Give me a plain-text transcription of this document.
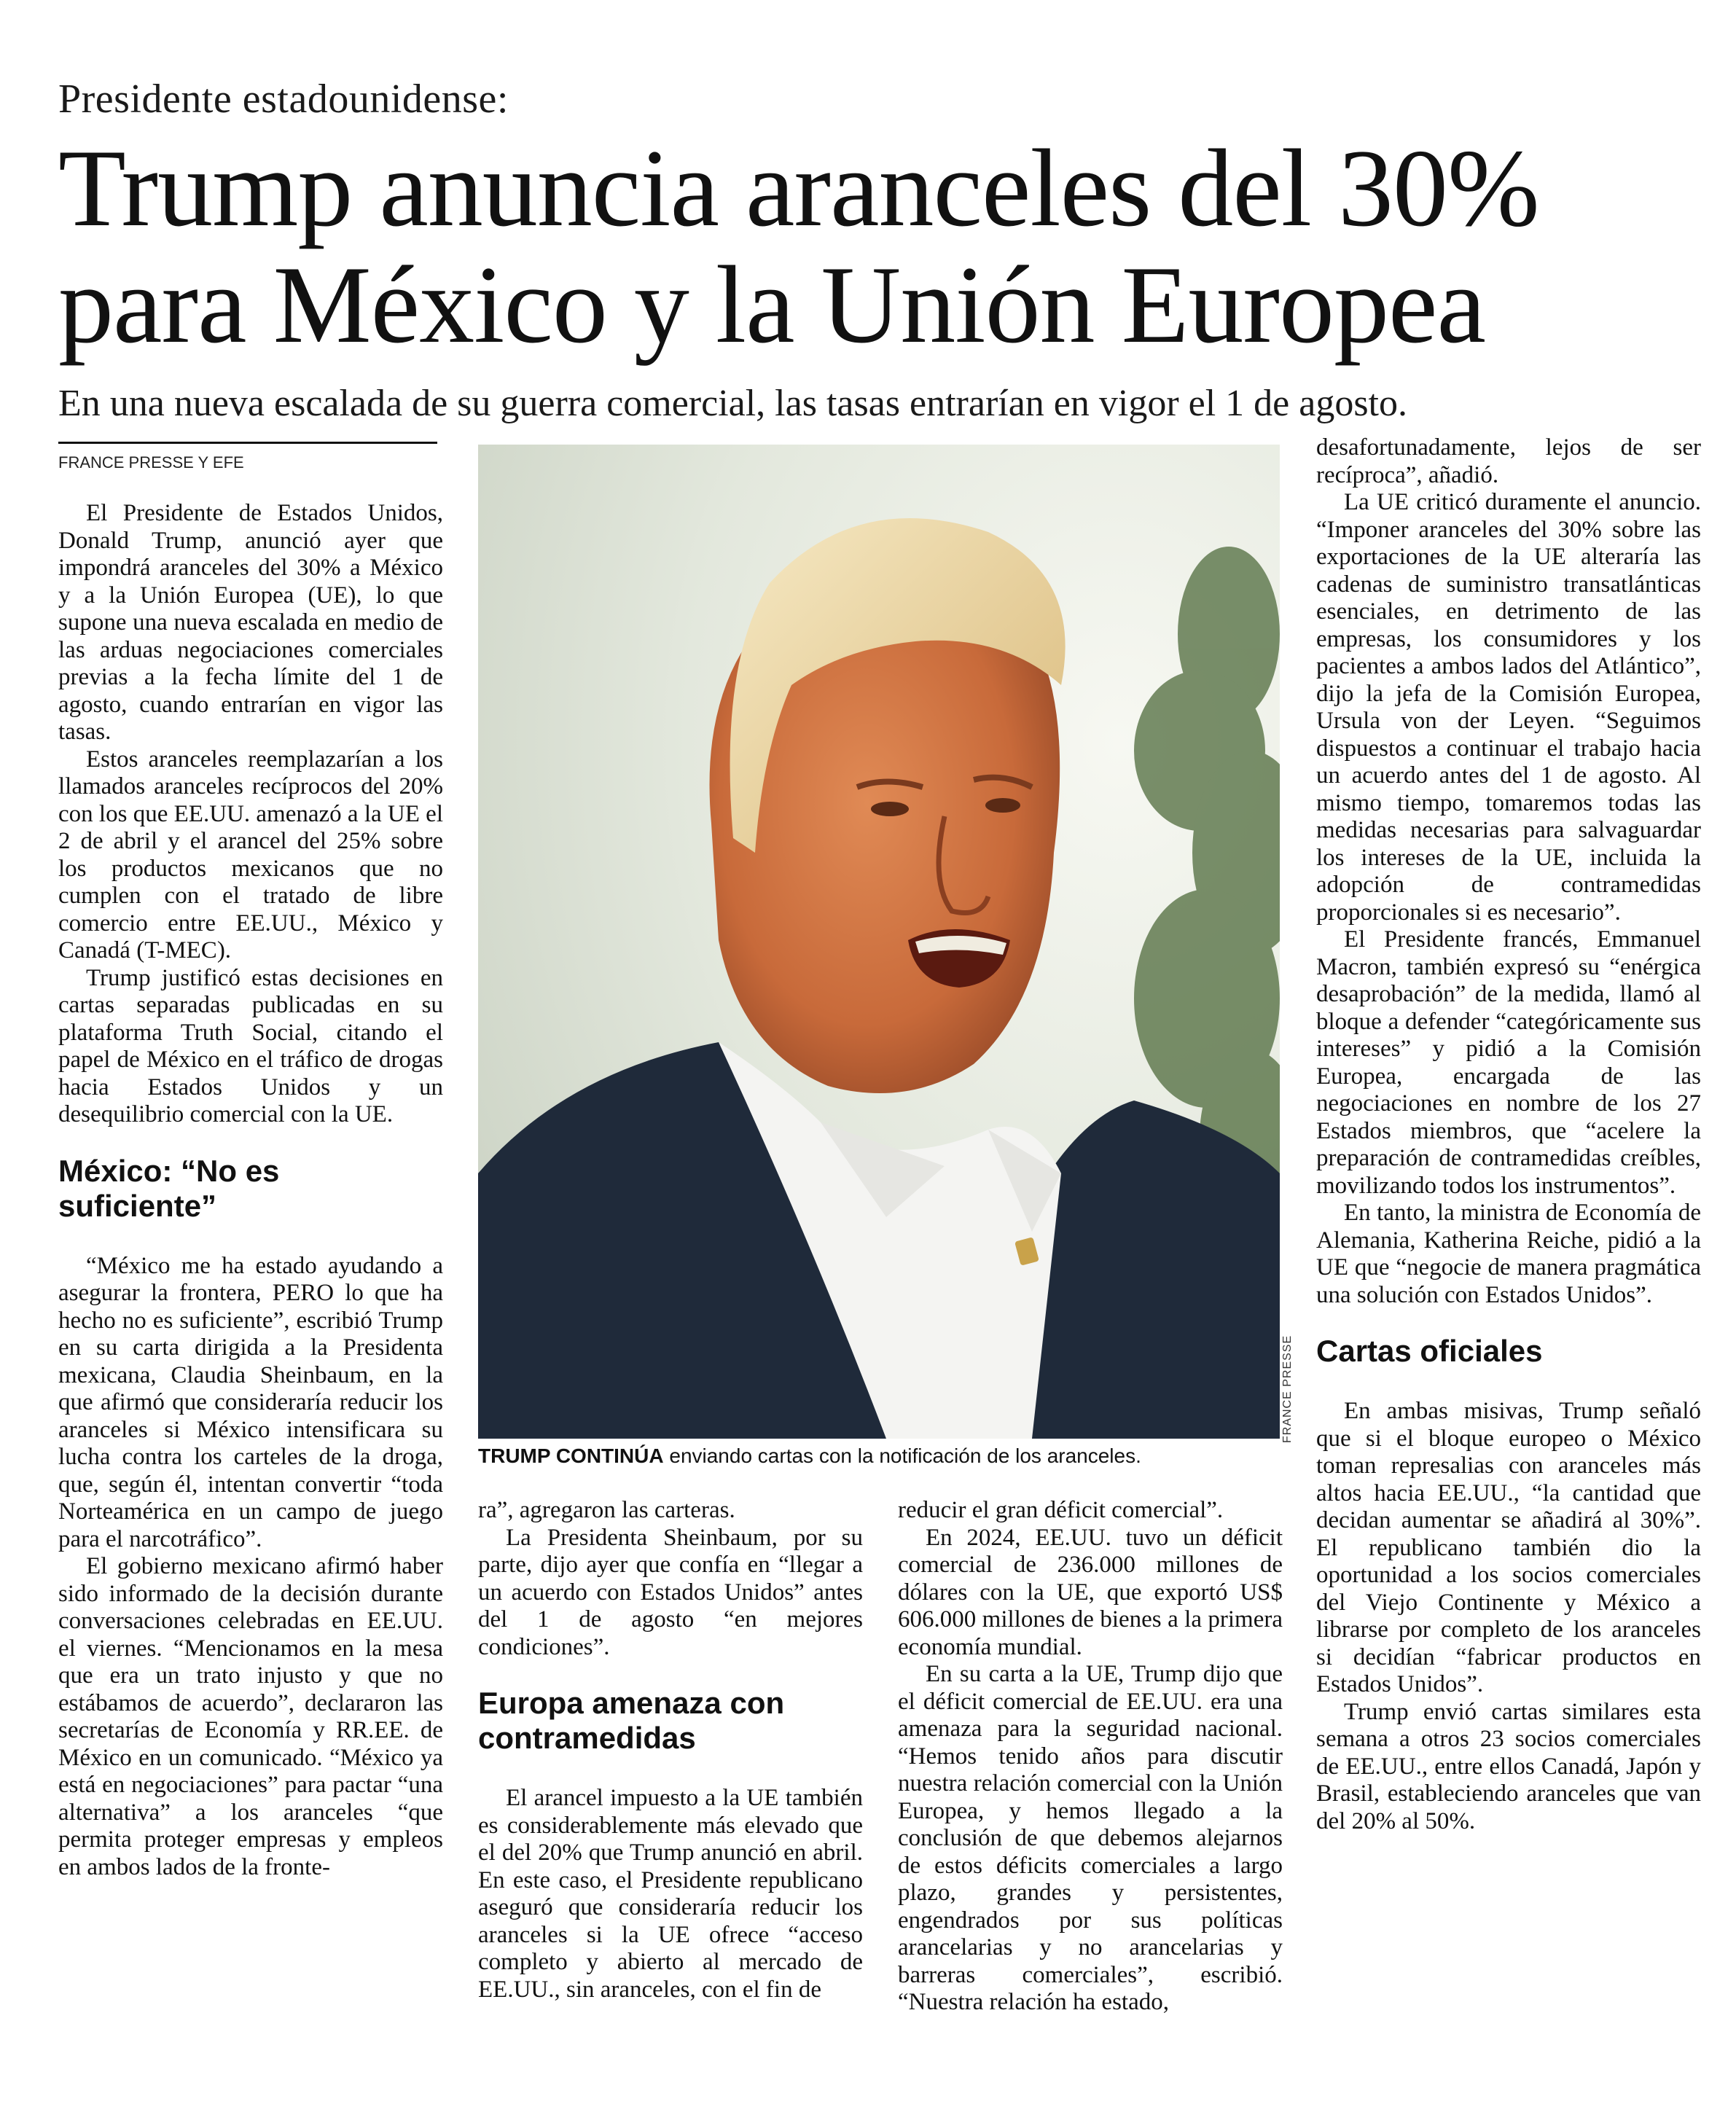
Presidente estadounidense:
Trump anuncia aranceles del 30% para México y la Unión Europea
En una nueva escalada de su guerra comercial, las tasas entrarían en vigor el 1 de agosto.
FRANCE PRESSE Y EFE

El Presidente de Estados Unidos, Donald Trump, anunció ayer que impondrá aranceles del 30% a México y a la Unión Europea (UE), lo que supone una nueva escalada en medio de las arduas negociaciones comerciales previas a la fecha límite del 1 de agosto, cuando entrarían en vigor las tasas.

Estos aranceles reemplazarían a los llamados aranceles recíprocos del 20% con los que EE.UU. amenazó a la UE el 2 de abril y el arancel del 25% sobre los productos mexicanos que no cumplen con el tratado de libre comercio entre EE.UU., México y Canadá (T-MEC).

Trump justificó estas decisiones en cartas separadas publicadas en su plataforma Truth Social, citando el papel de México en el tráfico de drogas hacia Estados Unidos y un desequilibrio comercial con la UE.

México: “No es suficiente”

“México me ha estado ayudando a asegurar la frontera, PERO lo que ha hecho no es suficiente”, escribió Trump en su carta dirigida a la Presidenta mexicana, Claudia Sheinbaum, en la que afirmó que consideraría reducir los aranceles si México intensificara su lucha contra los carteles de la droga, que, según él, intentan convertir “toda Norteamérica en un campo de juego para el narcotráfico”.

El gobierno mexicano afirmó haber sido informado de la decisión durante conversaciones celebradas en EE.UU. el viernes. “Mencionamos en la mesa que era un trato injusto y que no estábamos de acuerdo”, declararon las secretarías de Economía y RR.EE. de México en un comunicado. “México ya está en negociaciones” para pactar “una alternativa” a los aranceles “que permita proteger empresas y empleos en ambos lados de la fronte-

FRANCE PRESSE
TRUMP CONTINÚA enviando cartas con la notificación de los aranceles.

ra”, agregaron las carteras.

La Presidenta Sheinbaum, por su parte, dijo ayer que confía en “llegar a un acuerdo con Estados Unidos” antes del 1 de agosto “en mejores condiciones”.

Europa amenaza con contramedidas

El arancel impuesto a la UE también es considerablemente más elevado que el del 20% que Trump anunció en abril. En este caso, el Presidente republicano aseguró que consideraría reducir los aranceles si la UE ofrece “acceso completo y abierto al mercado de EE.UU., sin aranceles, con el fin de

reducir el gran déficit comercial”.

En 2024, EE.UU. tuvo un déficit comercial de 236.000 millones de dólares con la UE, que exportó US$ 606.000 millones de bienes a la primera economía mundial.

En su carta a la UE, Trump dijo que el déficit comercial de EE.UU. era una amenaza para la seguridad nacional. “Hemos tenido años para discutir nuestra relación comercial con la Unión Europea, y hemos llegado a la conclusión de que debemos alejarnos de estos déficits comerciales a largo plazo, grandes y persistentes, engendrados por sus políticas arancelarias y no arancelarias y barreras comerciales”, escribió. “Nuestra relación ha estado,

desafortunadamente, lejos de ser recíproca”, añadió.

La UE criticó duramente el anuncio. “Imponer aranceles del 30% sobre las exportaciones de la UE alteraría las cadenas de suministro transatlánticas esenciales, en detrimento de las empresas, los consumidores y los pacientes a ambos lados del Atlántico”, dijo la jefa de la Comisión Europea, Ursula von der Leyen. “Seguimos dispuestos a continuar el trabajo hacia un acuerdo antes del 1 de agosto. Al mismo tiempo, tomaremos todas las medidas necesarias para salvaguardar los intereses de la UE, incluida la adopción de contramedidas proporcionales si es necesario”.

El Presidente francés, Emmanuel Macron, también expresó su “enérgica desaprobación” de la medida, llamó al bloque a defender “categóricamente sus intereses” y pidió a la Comisión Europea, encargada de las negociaciones en nombre de los 27 Estados miembros, que “acelere la preparación de contramedidas creíbles, movilizando todos los instrumentos”.

En tanto, la ministra de Economía de Alemania, Katherina Reiche, pidió a la UE que “negocie de manera pragmática una solución con Estados Unidos”.

Cartas oficiales

En ambas misivas, Trump señaló que si el bloque europeo o México toman represalias con aranceles más altos hacia EE.UU., “la cantidad que decidan aumentar se añadirá al 30%”. El republicano también dio la oportunidad a los socios comerciales del Viejo Continente y México a librarse por completo de los aranceles si decidían “fabricar productos en Estados Unidos”.

Trump envió cartas similares esta semana a otros 23 socios comerciales de EE.UU., entre ellos Canadá, Japón y Brasil, estableciendo aranceles que van del 20% al 50%.
